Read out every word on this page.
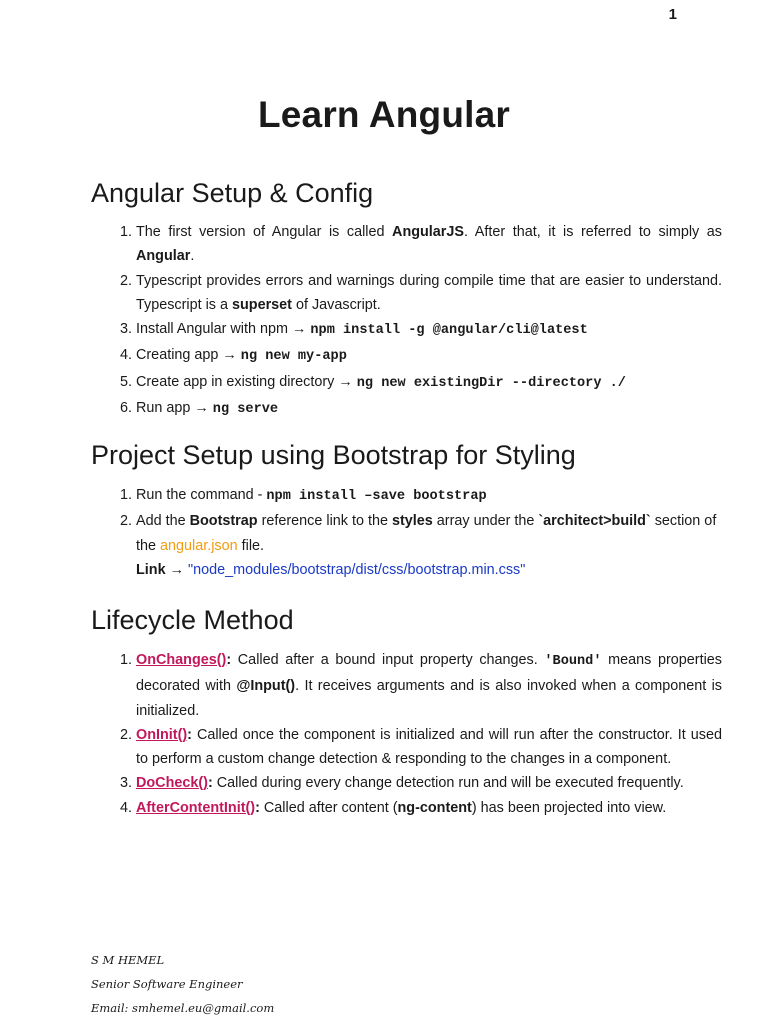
1
Learn Angular
Angular Setup & Config
1. The first version of Angular is called AngularJS. After that, it is referred to simply as Angular.
2. Typescript provides errors and warnings during compile time that are easier to understand. Typescript is a superset of Javascript.
3. Install Angular with npm → npm install -g @angular/cli@latest
4. Creating app → ng new my-app
5. Create app in existing directory → ng new existingDir --directory ./
6. Run app → ng serve
Project Setup using Bootstrap for Styling
1. Run the command - npm install –save bootstrap
2. Add the Bootstrap reference link to the styles array under the `architect>build` section of the angular.json file.
Link → "node_modules/bootstrap/dist/css/bootstrap.min.css"
Lifecycle Method
1. OnChanges(): Called after a bound input property changes. 'Bound' means properties decorated with @Input(). It receives arguments and is also invoked when a component is initialized.
2. OnInit(): Called once the component is initialized and will run after the constructor. It used to perform a custom change detection & responding to the changes in a component.
3. DoCheck(): Called during every change detection run and will be executed frequently.
4. AfterContentInit(): Called after content (ng-content) has been projected into view.
S M HEMEL
Senior Software Engineer
Email: smhemel.eu@gmail.com
